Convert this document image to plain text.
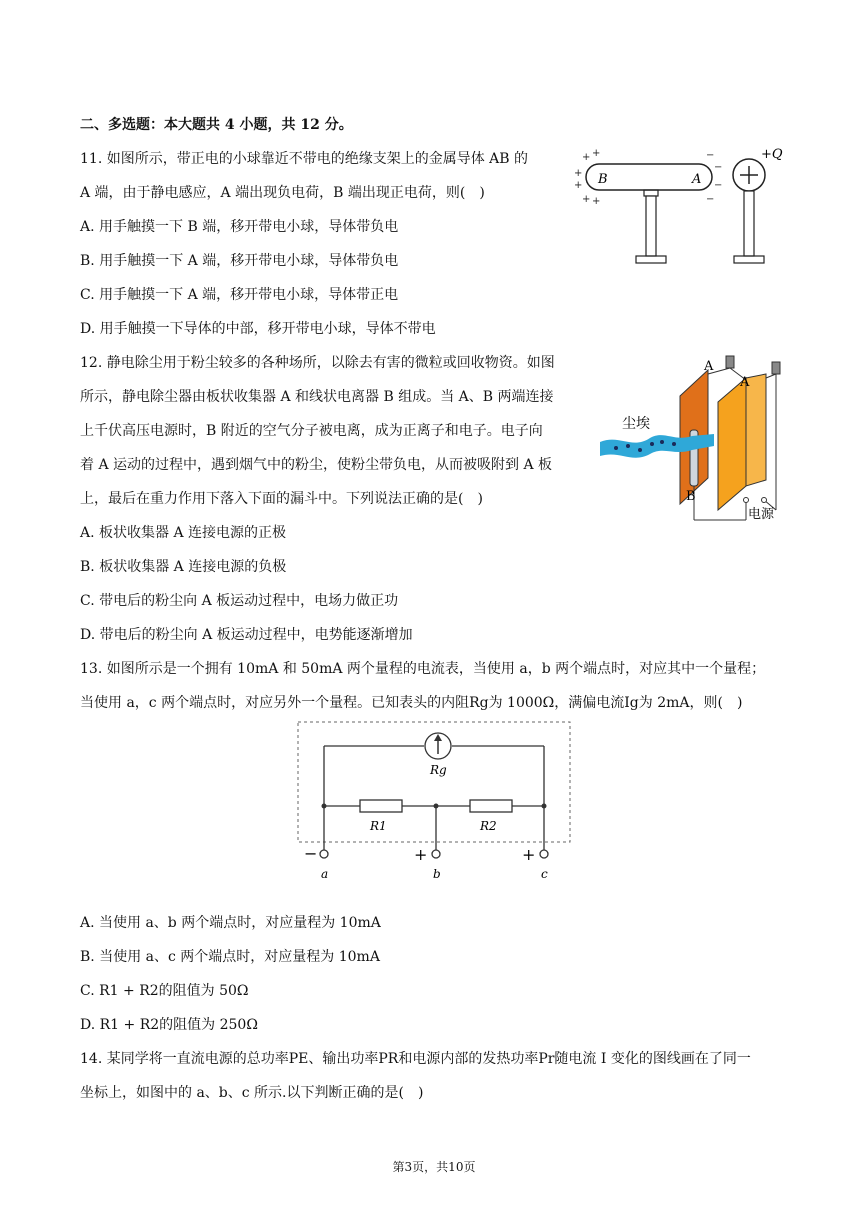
二、多选题：本大题共 4 小题，共 12 分。
11. 如图所示，带正电的小球靠近不带电的绝缘支架上的金属导体 AB 的
A 端，由于静电感应，A 端出现负电荷，B 端出现正电荷，则(　)
A. 用手触摸一下 B 端，移开带电小球，导体带负电
B. 用手触摸一下 A 端，移开带电小球，导体带负电
C. 用手触摸一下 A 端，移开带电小球，导体带正电
D. 用手触摸一下导体的中部，移开带电小球，导体不带电
B	A
+ +
+
+
+ +
−
−
−
−
+Q
12. 静电除尘用于粉尘较多的各种场所，以除去有害的微粒或回收物资。如图
所示，静电除尘器由板状收集器 A 和线状电离器 B 组成。当 A、B 两端连接
上千伏高压电源时，B 附近的空气分子被电离，成为正离子和电子。电子向
着 A 运动的过程中，遇到烟气中的粉尘，使粉尘带负电，从而被吸附到 A 板
上，最后在重力作用下落入下面的漏斗中。下列说法正确的是(　)
A. 板状收集器 A 连接电源的正极
B. 板状收集器 A 连接电源的负极
C. 带电后的粉尘向 A 板运动过程中，电场力做正功
D. 带电后的粉尘向 A 板运动过程中，电势能逐渐增加
A
A
B
电源
尘埃
13. 如图所示是一个拥有 10mA 和 50mA 两个量程的电流表，当使用 a，b 两个端点时，对应其中一个量程；
当使用 a，c 两个端点时，对应另外一个量程。已知表头的内阻Rg为 1000Ω，满偏电流Ig为 2mA，则(　)
Rg
R1	R2
−	+	+
a	b	c
A. 当使用 a、b 两个端点时，对应量程为 10mA
B. 当使用 a、c 两个端点时，对应量程为 10mA
C. R1 + R2的阻值为 50Ω
D. R1 + R2的阻值为 250Ω
14. 某同学将一直流电源的总功率PE、输出功率PR和电源内部的发热功率Pr随电流 I 变化的图线画在了同一
坐标上，如图中的 a、b、c 所示.以下判断正确的是(　)
第3页，共10页
